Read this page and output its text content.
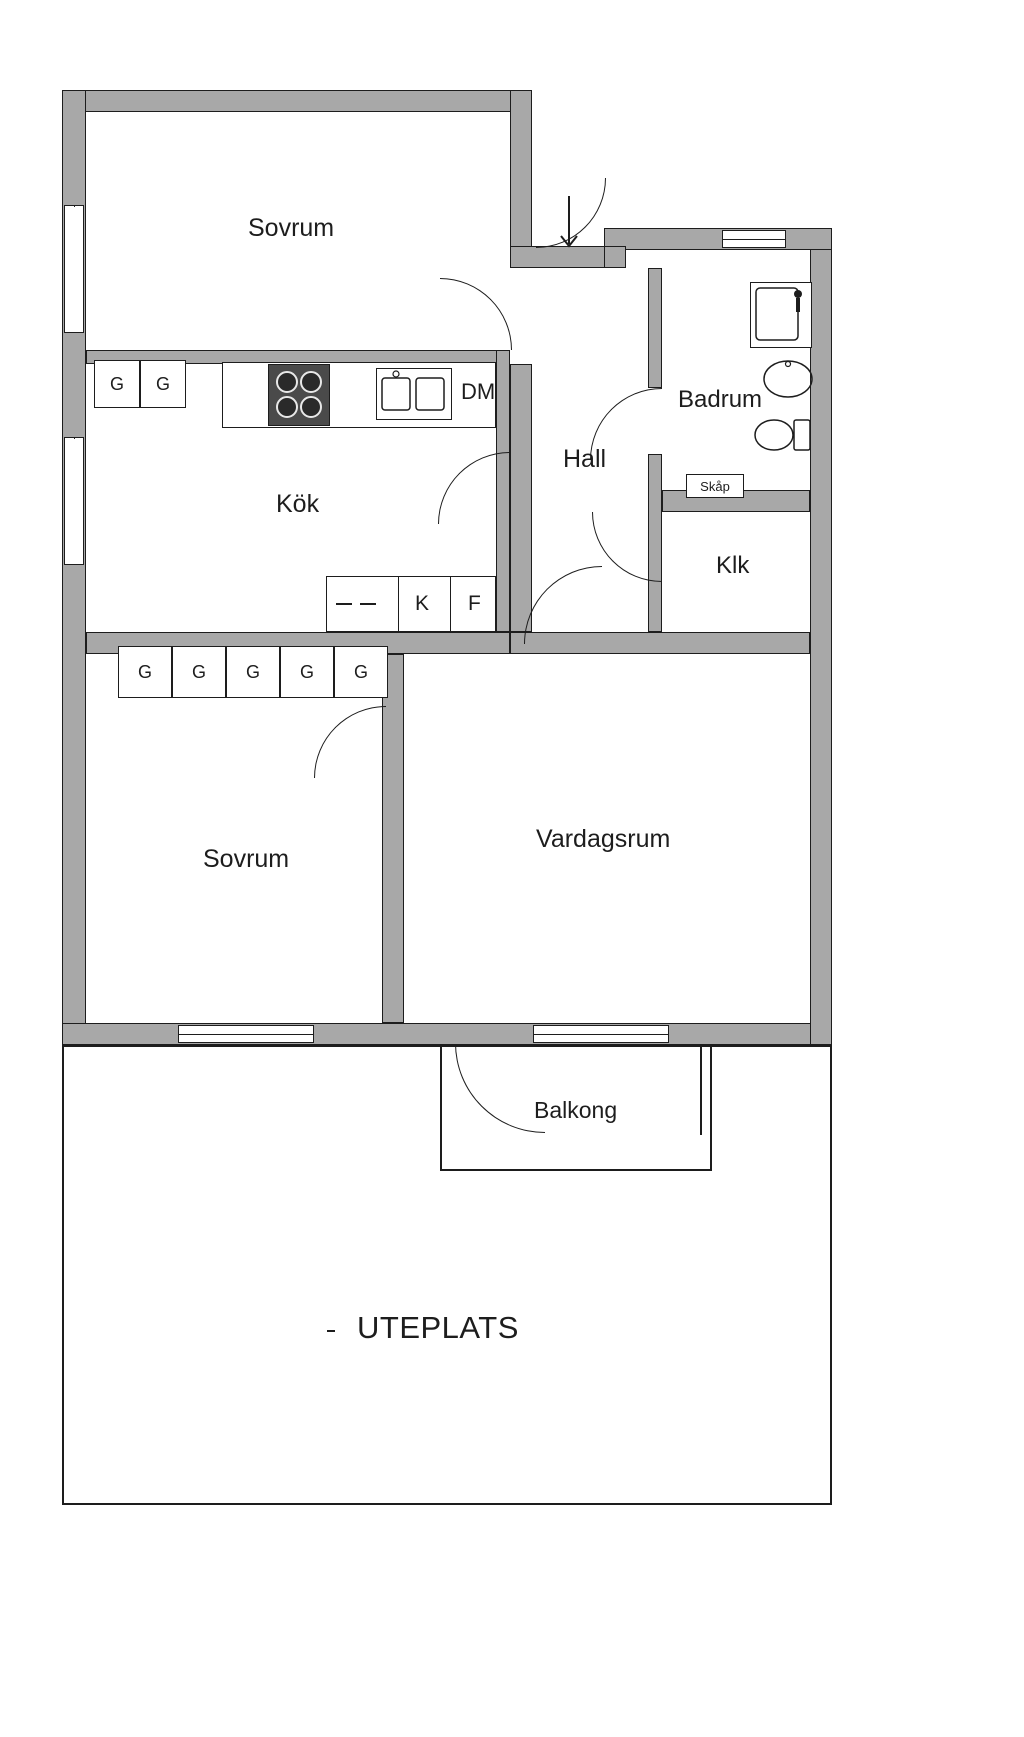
UTEPLATS
Balkong
DM
G	G
K F
G	G	G	G	G
Skåp
Sovrum
Kök
Sovrum
Vardagsrum
Hall
Badrum
Klk
